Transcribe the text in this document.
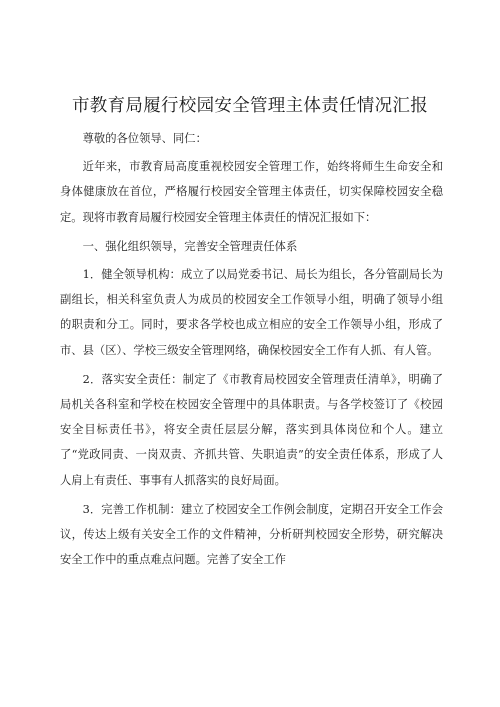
市教育局履行校园安全管理主体责任情况汇报

尊敬的各位领导、同仁：

近年来，市教育局高度重视校园安全管理工作，始终将师生生命安全和身体健康放在首位，严格履行校园安全管理主体责任，切实保障校园安全稳定。现将市教育局履行校园安全管理主体责任的情况汇报如下：

一、强化组织领导，完善安全管理责任体系

1．健全领导机构：成立了以局党委书记、局长为组长，各分管副局长为副组长，相关科室负责人为成员的校园安全工作领导小组，明确了领导小组的职责和分工。同时，要求各学校也成立相应的安全工作领导小组，形成了市、县（区）、学校三级安全管理网络，确保校园安全工作有人抓、有人管。

2．落实安全责任：制定了《市教育局校园安全管理责任清单》，明确了局机关各科室和学校在校园安全管理中的具体职责。与各学校签订了《校园安全目标责任书》，将安全责任层层分解，落实到具体岗位和个人。建立了“党政同责、一岗双责、齐抓共管、失职追责”的安全责任体系，形成了人人肩上有责任、事事有人抓落实的良好局面。

3．完善工作机制：建立了校园安全工作例会制度，定期召开安全工作会议，传达上级有关安全工作的文件精神，分析研判校园安全形势，研究解决安全工作中的重点难点问题。完善了安全工作
